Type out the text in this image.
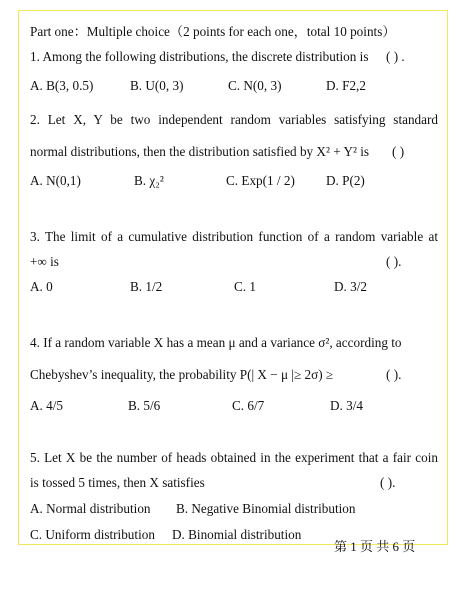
Part one：Multiple choice（2 points for each one，total 10 points）
1. Among the following distributions, the discrete distribution is ( ) .
A. B(3, 0.5)	B. U(0, 3)	C. N(0, 3)	D. F2,2
2. Let X, Y be two independent random variables satisfying standard
normal distributions, then the distribution satisfied by X² + Y² is ( )
A. N(0,1)	B. χ₂²	C. Exp(1 / 2) D. P(2)
3. The limit of a cumulative distribution function of a random variable at
+∞ is	( ).
A. 0	B. 1/2	C. 1	D. 3/2
4. If a random variable X has a mean μ and a variance σ², according to
Chebyshev’s inequality, the probability P(| X − μ |≥ 2σ) ≥	( ).
A. 4/5	B. 5/6	C. 6/7	D. 3/4
5. Let X be the number of heads obtained in the experiment that a fair coin
is tossed 5 times, then X satisfies	( ).
A. Normal distribution B. Negative Binomial distribution
C. Uniform distribution D. Binomial distribution
第 1 页 共 6 页
